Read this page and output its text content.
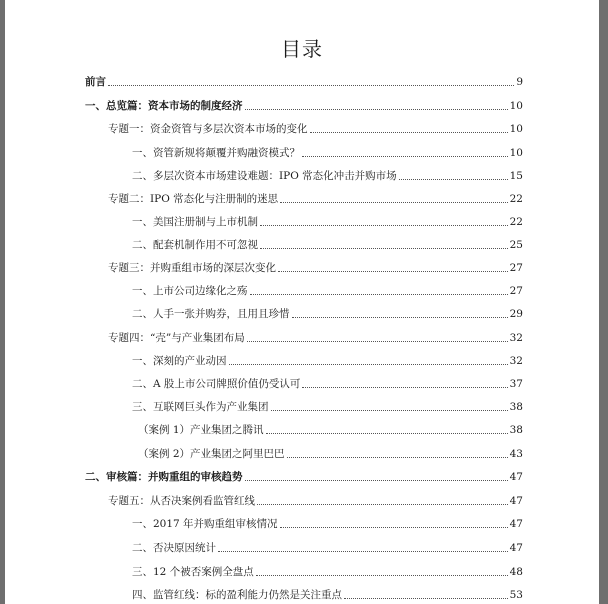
目录
前言	9
一、总览篇：资本市场的制度经济	10
专题一：资金资管与多层次资本市场的变化	10
一、资管新规将颠覆并购融资模式？	10
二、多层次资本市场建设难题：IPO 常态化冲击并购市场	15
专题二：IPO 常态化与注册制的迷思	22
一、美国注册制与上市机制	22
二、配套机制作用不可忽视	25
专题三：并购重组市场的深层次变化	27
一、上市公司边缘化之殇	27
二、人手一张并购券，且用且珍惜	29
专题四：“壳”与产业集团布局	32
一、深刻的产业动因	32
二、A 股上市公司牌照价值仍受认可	37
三、互联网巨头作为产业集团	38
（案例 1）产业集团之腾讯	38
（案例 2）产业集团之阿里巴巴	43
二、审核篇：并购重组的审核趋势	47
专题五：从否决案例看监管红线	47
一、2017 年并购重组审核情况	47
二、否决原因统计	47
三、12 个被否案例全盘点	48
四、监管红线：标的盈利能力仍然是关注重点	53
